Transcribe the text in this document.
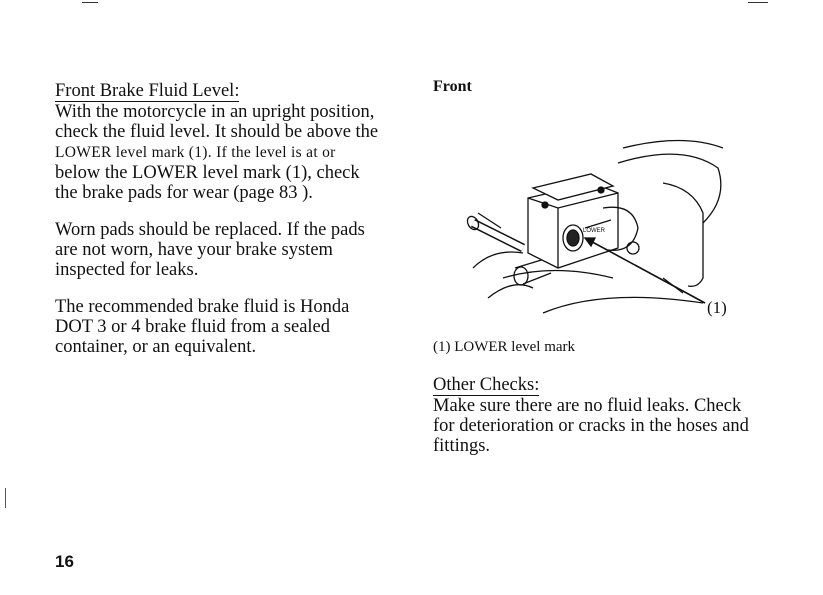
Front Brake Fluid Level:

With the motorcycle in an upright position,
check the fluid level. It should be above the
LOWER level mark (1). If the level is at or
below the LOWER level mark (1), check
the brake pads for wear (page 83 ).

Worn pads should be replaced. If the pads
are not worn, have your brake system
inspected for leaks.

The recommended brake fluid is Honda
DOT 3 or 4 brake fluid from a sealed
container, or an equivalent.

Front

LOWER
(1)
(1) LOWER level mark
Other Checks:

Make sure there are no fluid leaks. Check
for deterioration or cracks in the hoses and
fittings.

16
